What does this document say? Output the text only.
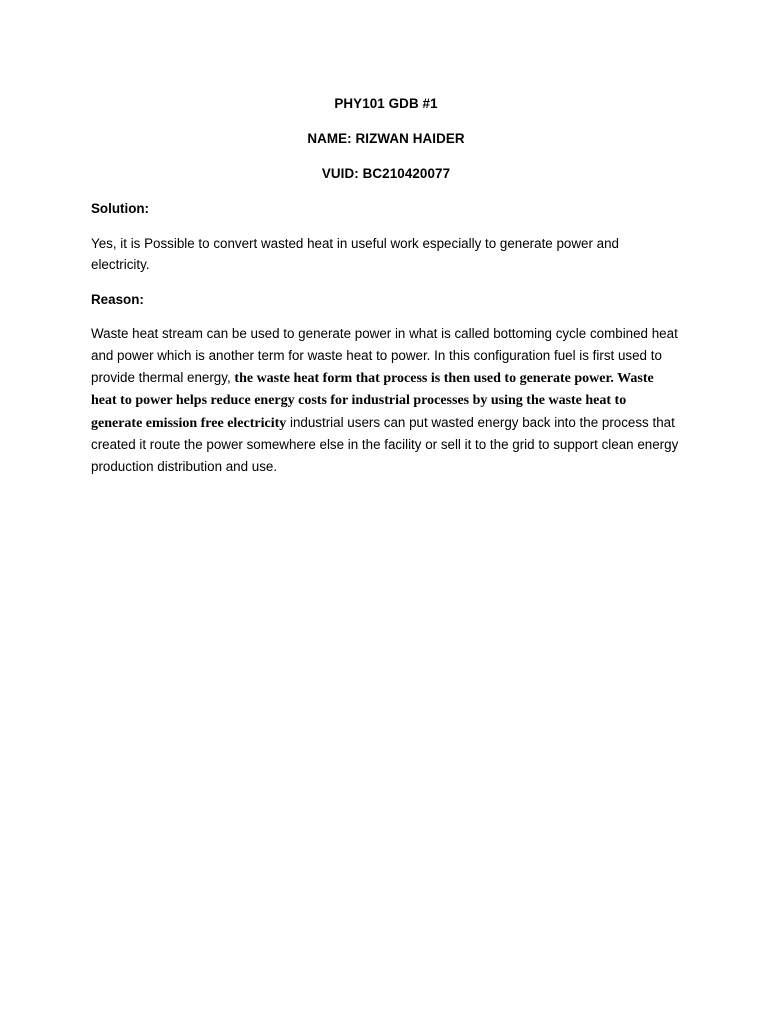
PHY101 GDB #1
NAME: RIZWAN HAIDER
VUID: BC210420077
Solution:
Yes, it is Possible to convert wasted heat in useful work especially to generate power and electricity.
Reason:
Waste heat stream can be used to generate power in what is called bottoming cycle combined heat and power which is another term for waste heat to power. In this configuration fuel is first used to provide thermal energy, the waste heat form that process is then used to generate power. Waste heat to power helps reduce energy costs for industrial processes by using the waste heat to generate emission free electricity industrial users can put wasted energy back into the process that created it route the power somewhere else in the facility or sell it to the grid to support clean energy production distribution and use.
